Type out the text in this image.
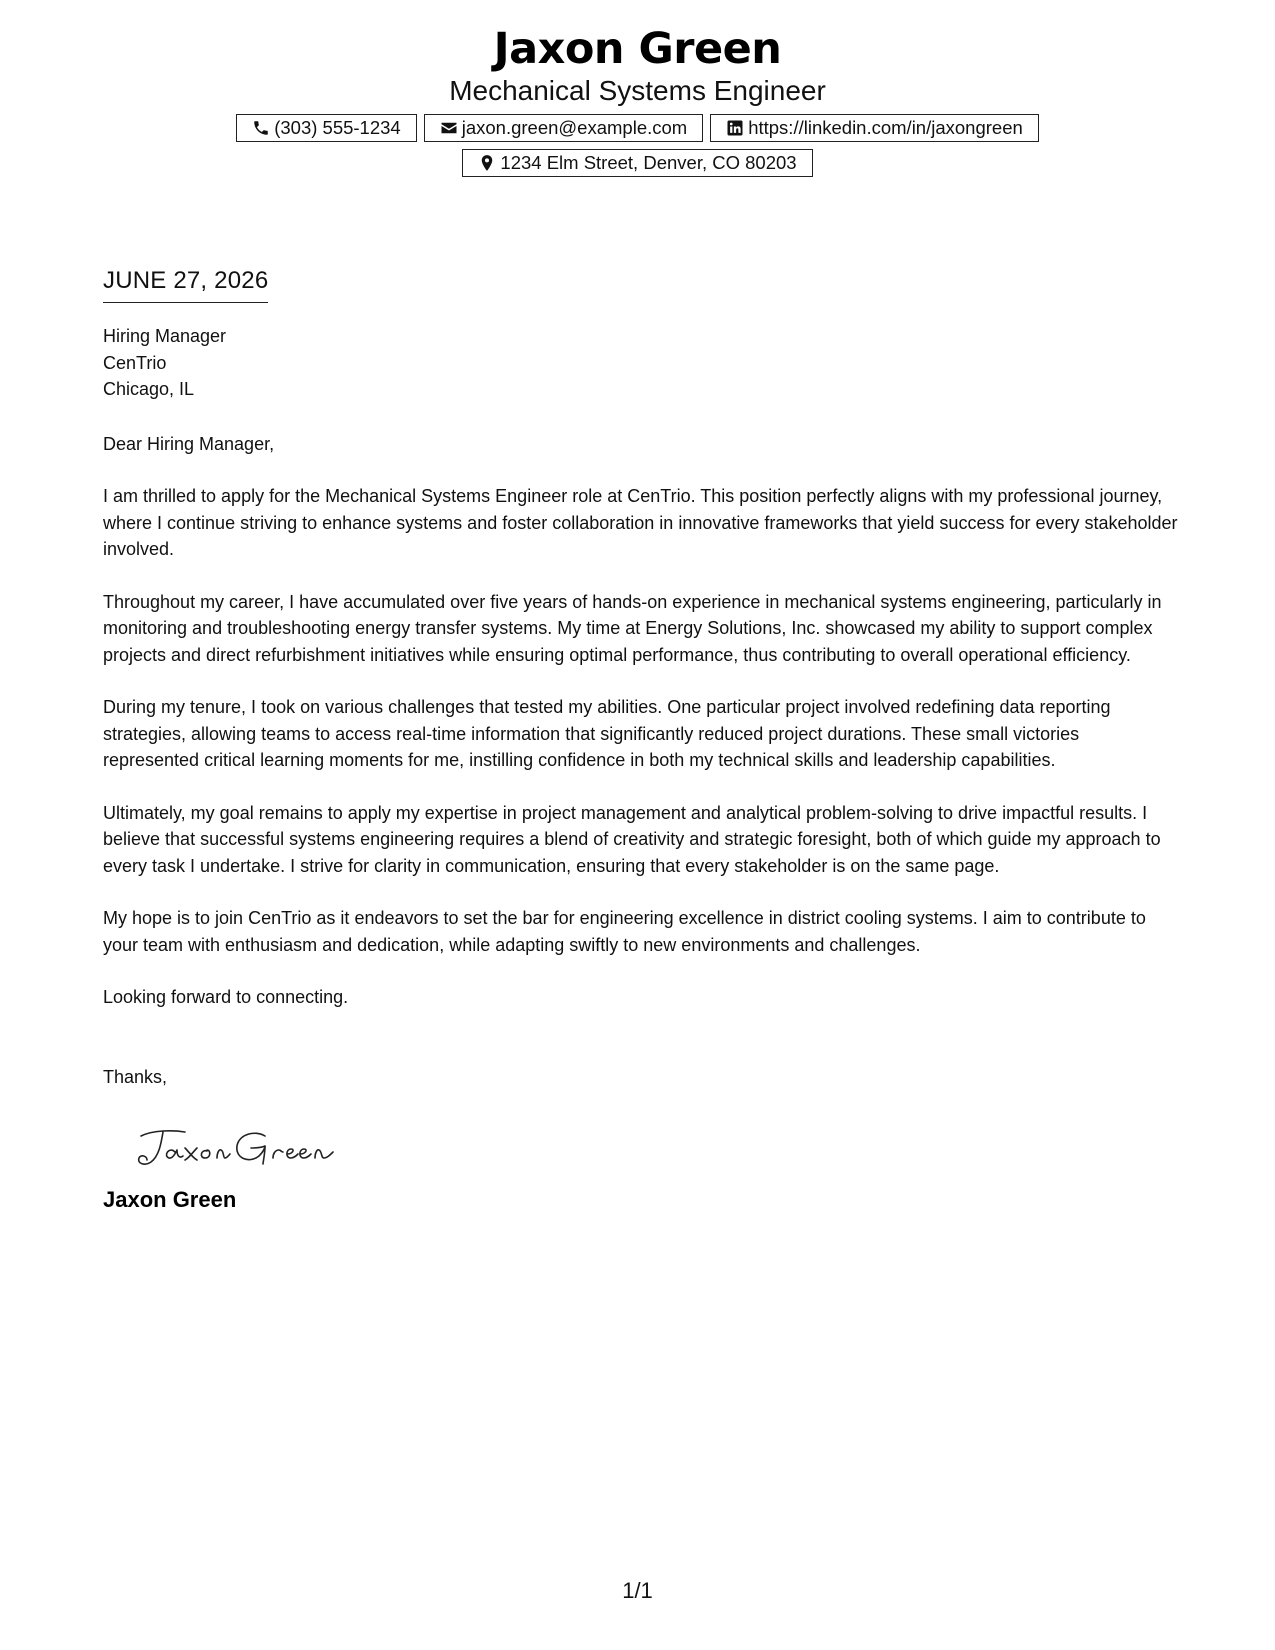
Jaxon Green
Mechanical Systems Engineer
(303) 555-1234	jaxon.green@example.com	https://linkedin.com/in/jaxongreen
1234 Elm Street, Denver, CO 80203
JUNE 27, 2026
Hiring Manager
CenTrio
Chicago, IL
Dear Hiring Manager,

I am thrilled to apply for the Mechanical Systems Engineer role at CenTrio. This position perfectly aligns with my professional journey, where I continue striving to enhance systems and foster collaboration in innovative frameworks that yield success for every stakeholder involved.

Throughout my career, I have accumulated over five years of hands-on experience in mechanical systems engineering, particularly in monitoring and troubleshooting energy transfer systems. My time at Energy Solutions, Inc. showcased my ability to support complex projects and direct refurbishment initiatives while ensuring optimal performance, thus contributing to overall operational efficiency.

During my tenure, I took on various challenges that tested my abilities. One particular project involved redefining data reporting strategies, allowing teams to access real-time information that significantly reduced project durations. These small victories represented critical learning moments for me, instilling confidence in both my technical skills and leadership capabilities.

Ultimately, my goal remains to apply my expertise in project management and analytical problem-solving to drive impactful results. I believe that successful systems engineering requires a blend of creativity and strategic foresight, both of which guide my approach to every task I undertake. I strive for clarity in communication, ensuring that every stakeholder is on the same page.

My hope is to join CenTrio as it endeavors to set the bar for engineering excellence in district cooling systems. I aim to contribute to your team with enthusiasm and dedication, while adapting swiftly to new environments and challenges.

Looking forward to connecting.
Thanks,
Jaxon Green
1/1
